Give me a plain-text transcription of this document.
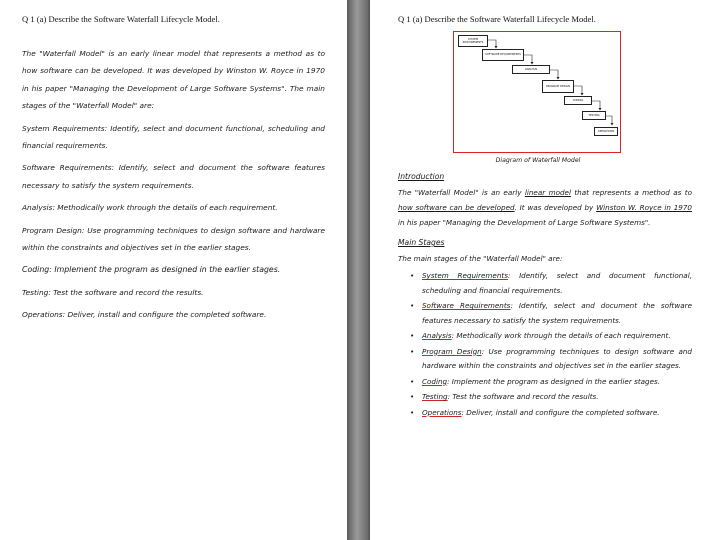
Q 1 (a) Describe the Software Waterfall Lifecycle Model.

The "Waterfall Model" is an early linear model that represents a method as to how software can be developed. It was developed by Winston W. Royce in 1970 in his paper "Managing the Development of Large Software Systems". The main stages of the "Waterfall Model" are:

System Requirements: Identify, select and document functional, scheduling and financial requirements.

Software Requirements: Identify, select and document the software features necessary to satisfy the system requirements.

Analysis: Methodically work through the details of each requirement.

Program Design: Use programming techniques to design software and hardware within the constraints and objectives set in the earlier stages.

Coding: Implement the program as designed in the earlier stages.

Testing: Test the software and record the results.

Operations: Deliver, install and configure the completed software.

Q 1 (a) Describe the Software Waterfall Lifecycle Model.
SYSTEM REQUIREMENTS
SOFTWARE REQUIREMENTS
ANALYSIS
PROGRAM DESIGN
CODING
TESTING
OPERATIONS
Diagram of Waterfall Model
Introduction

The "Waterfall Model" is an early linear model that represents a method as to how software can be developed. It was developed by Winston W. Royce in 1970 in his paper "Managing the Development of Large Software Systems".

Main Stages

The main stages of the "Waterfall Model" are:

• System Requirements: Identify, select and document functional, scheduling and financial requirements.
• Software Requirements: Identify, select and document the software features necessary to satisfy the system requirements.
• Analysis: Methodically work through the details of each requirement.
• Program Design: Use programming techniques to design software and hardware within the constraints and objectives set in the earlier stages.
• Coding: Implement the program as designed in the earlier stages.
• Testing: Test the software and record the results.
• Operations: Deliver, install and configure the completed software.
